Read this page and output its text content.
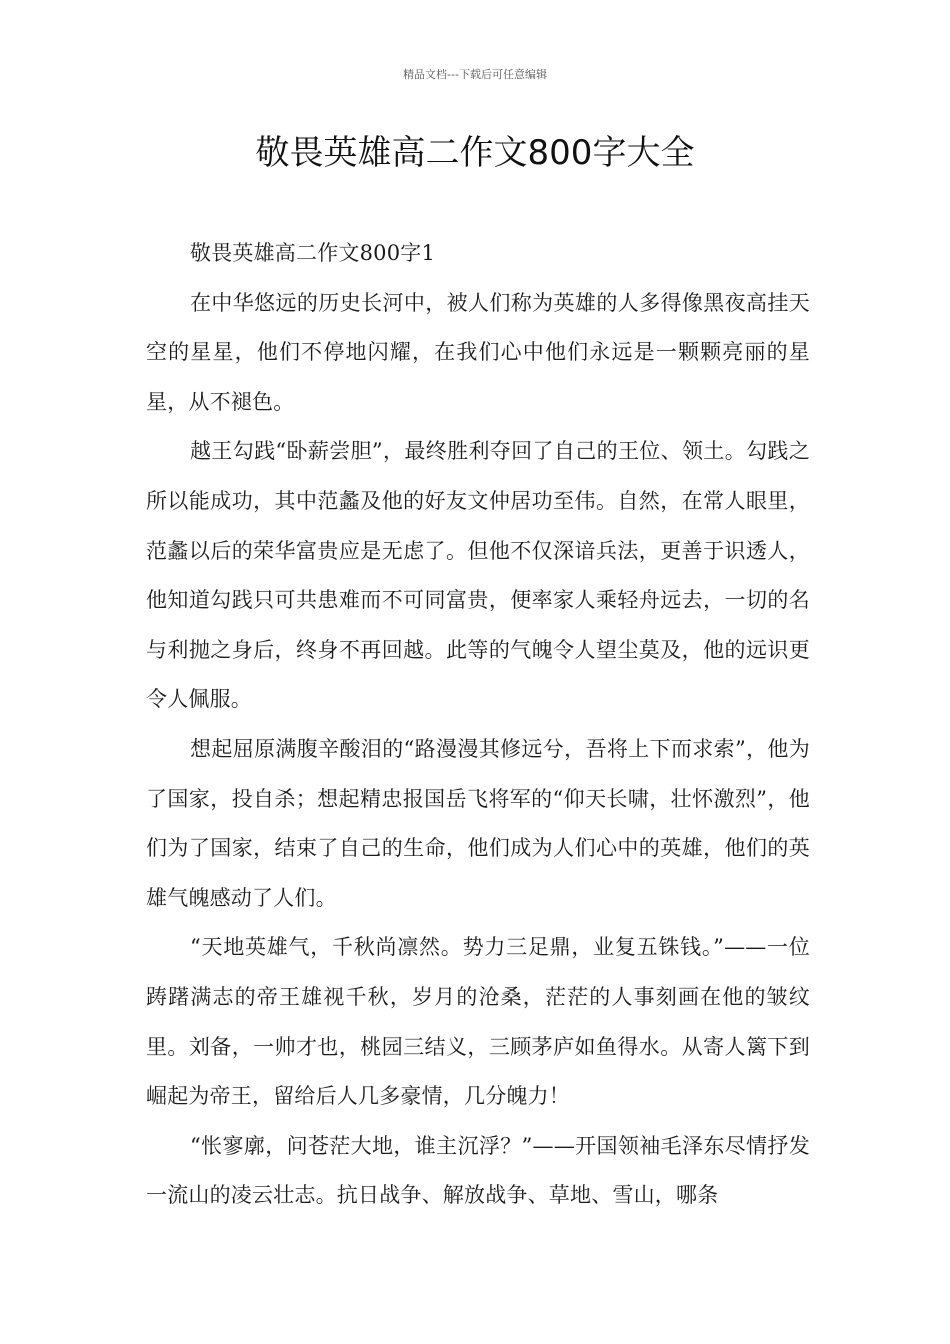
精品文档---下载后可任意编辑
敬畏英雄高二作文800字大全

敬畏英雄高二作文800字1

在中华悠远的历史长河中，被人们称为英雄的人多得像黑夜高挂天空的星星，他们不停地闪耀，在我们心中他们永远是一颗颗亮丽的星星，从不褪色。

越王勾践“卧薪尝胆”，最终胜利夺回了自己的王位、领土。勾践之所以能成功，其中范蠡及他的好友文仲居功至伟。自然，在常人眼里，范蠡以后的荣华富贵应是无虑了。但他不仅深谙兵法，更善于识透人，他知道勾践只可共患难而不可同富贵，便率家人乘轻舟远去，一切的名与利抛之身后，终身不再回越。此等的气魄令人望尘莫及，他的远识更令人佩服。

想起屈原满腹辛酸泪的“路漫漫其修远兮，吾将上下而求索”，他为了国家，投自杀；想起精忠报国岳飞将军的“仰天长啸，壮怀激烈”，他们为了国家，结束了自己的生命，他们成为人们心中的英雄，他们的英雄气魄感动了人们。

“天地英雄气，千秋尚凛然。势力三足鼎，业复五铢钱。”——一位踌躇满志的帝王雄视千秋，岁月的沧桑，茫茫的人事刻画在他的皱纹里。刘备，一帅才也，桃园三结义，三顾茅庐如鱼得水。从寄人篱下到崛起为帝王，留给后人几多豪情，几分魄力！

“怅寥廓，问苍茫大地，谁主沉浮？”——开国领袖毛泽东尽情抒发一流山的凌云壮志。抗日战争、解放战争、草地、雪山，哪条
